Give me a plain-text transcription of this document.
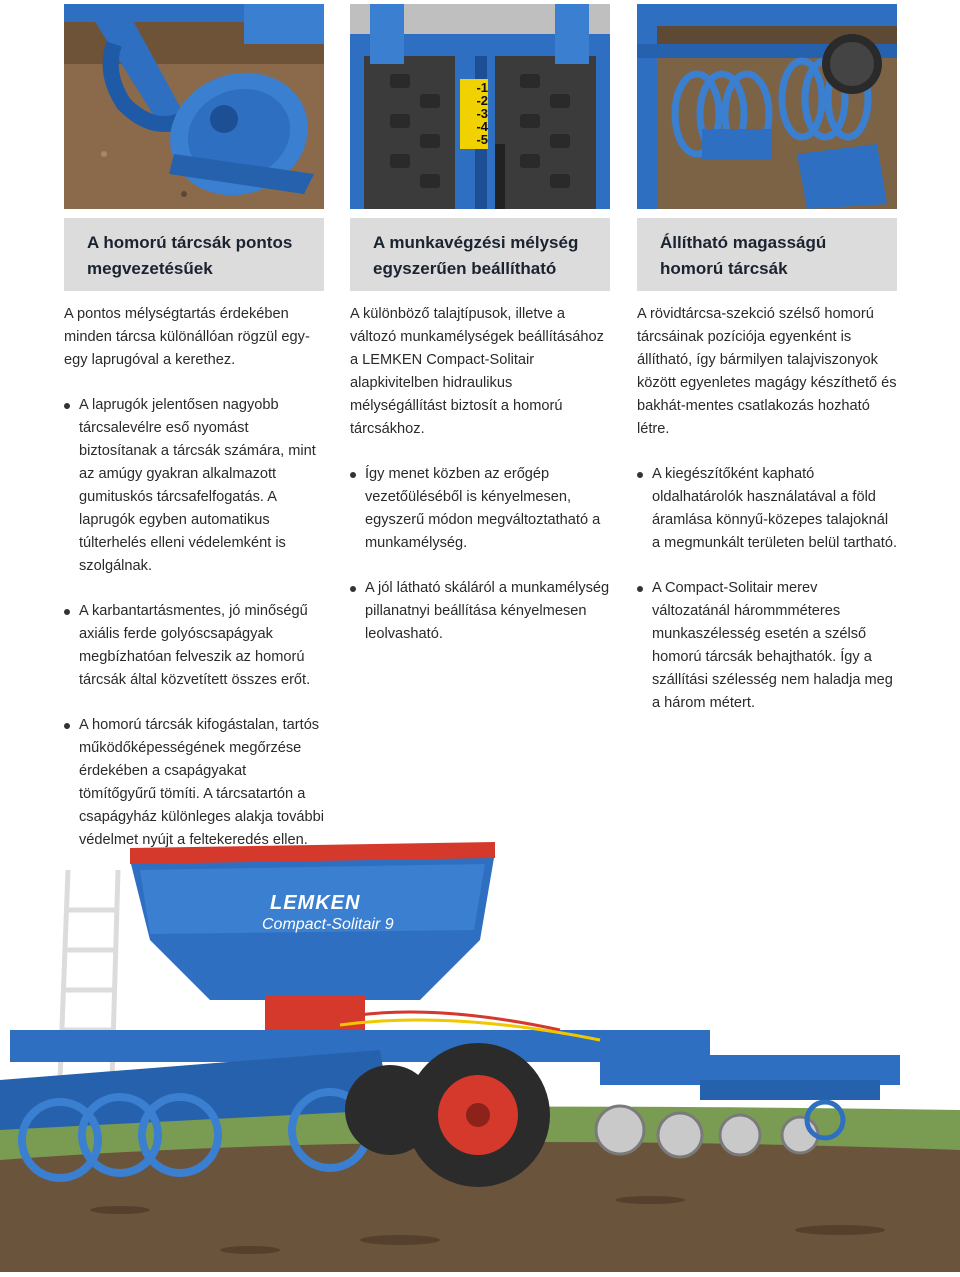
A homorú tárcsák pontos megvezetésűek

A pontos mélységtartás érdekében minden tárcsa különállóan rögzül egy-egy laprugóval a kerethez.

A laprugók jelentősen nagyobb tárcsalevélre eső nyomást biztosítanak a tárcsák számára, mint az amúgy gyakran alkalmazott gumituskós tárcsafelfogatás. A laprugók egyben automatikus túlterhelés elleni védelemként is szolgálnak.
A karbantartásmentes, jó minőségű axiális ferde golyóscsapágyak megbízhatóan felveszik az homorú tárcsák által közvetített összes erőt.
A homorú tárcsák kifogástalan, tartós működőképességének megőrzése érdekében a csapágyakat tömítőgyűrű tömíti. A tárcsatartón a csapágyház különleges alakja további védelmet nyújt a feltekeredés ellen.
-1
-2
-3
-4
-5
A munkavégzési mélység egyszerűen beállítható

A különböző talajtípusok, illetve a változó munkamélységek beállításához a LEMKEN Compact-Solitair alapkivitelben hidraulikus mélységállítást biztosít a homorú tárcsákhoz.

Így menet közben az erőgép vezetőüléséből is kényelmesen, egyszerű módon megváltoztatható a munkamélység.
A jól látható skáláról a munkamélység pillanatnyi beállítása kényelmesen leolvasható.
Állítható magasságú homorú tárcsák

A rövidtárcsa-szekció szélső homorú tárcsáinak pozíciója egyenként is állítható, így bármilyen talajviszonyok között egyenletes magágy készíthető és bakhát-mentes csatlakozás hozható létre.

A kiegészítőként kapható oldalhatárolók használatával a föld áramlása könnyű-közepes talajoknál a megmunkált területen belül tartható.
A Compact-Solitair merev változatánál hárommméteres munkaszélesség esetén a szélső homorú tárcsák behajthatók. Így a szállítási szélesség nem haladja meg a három métert.
LEMKEN
Compact-Solitair 9
